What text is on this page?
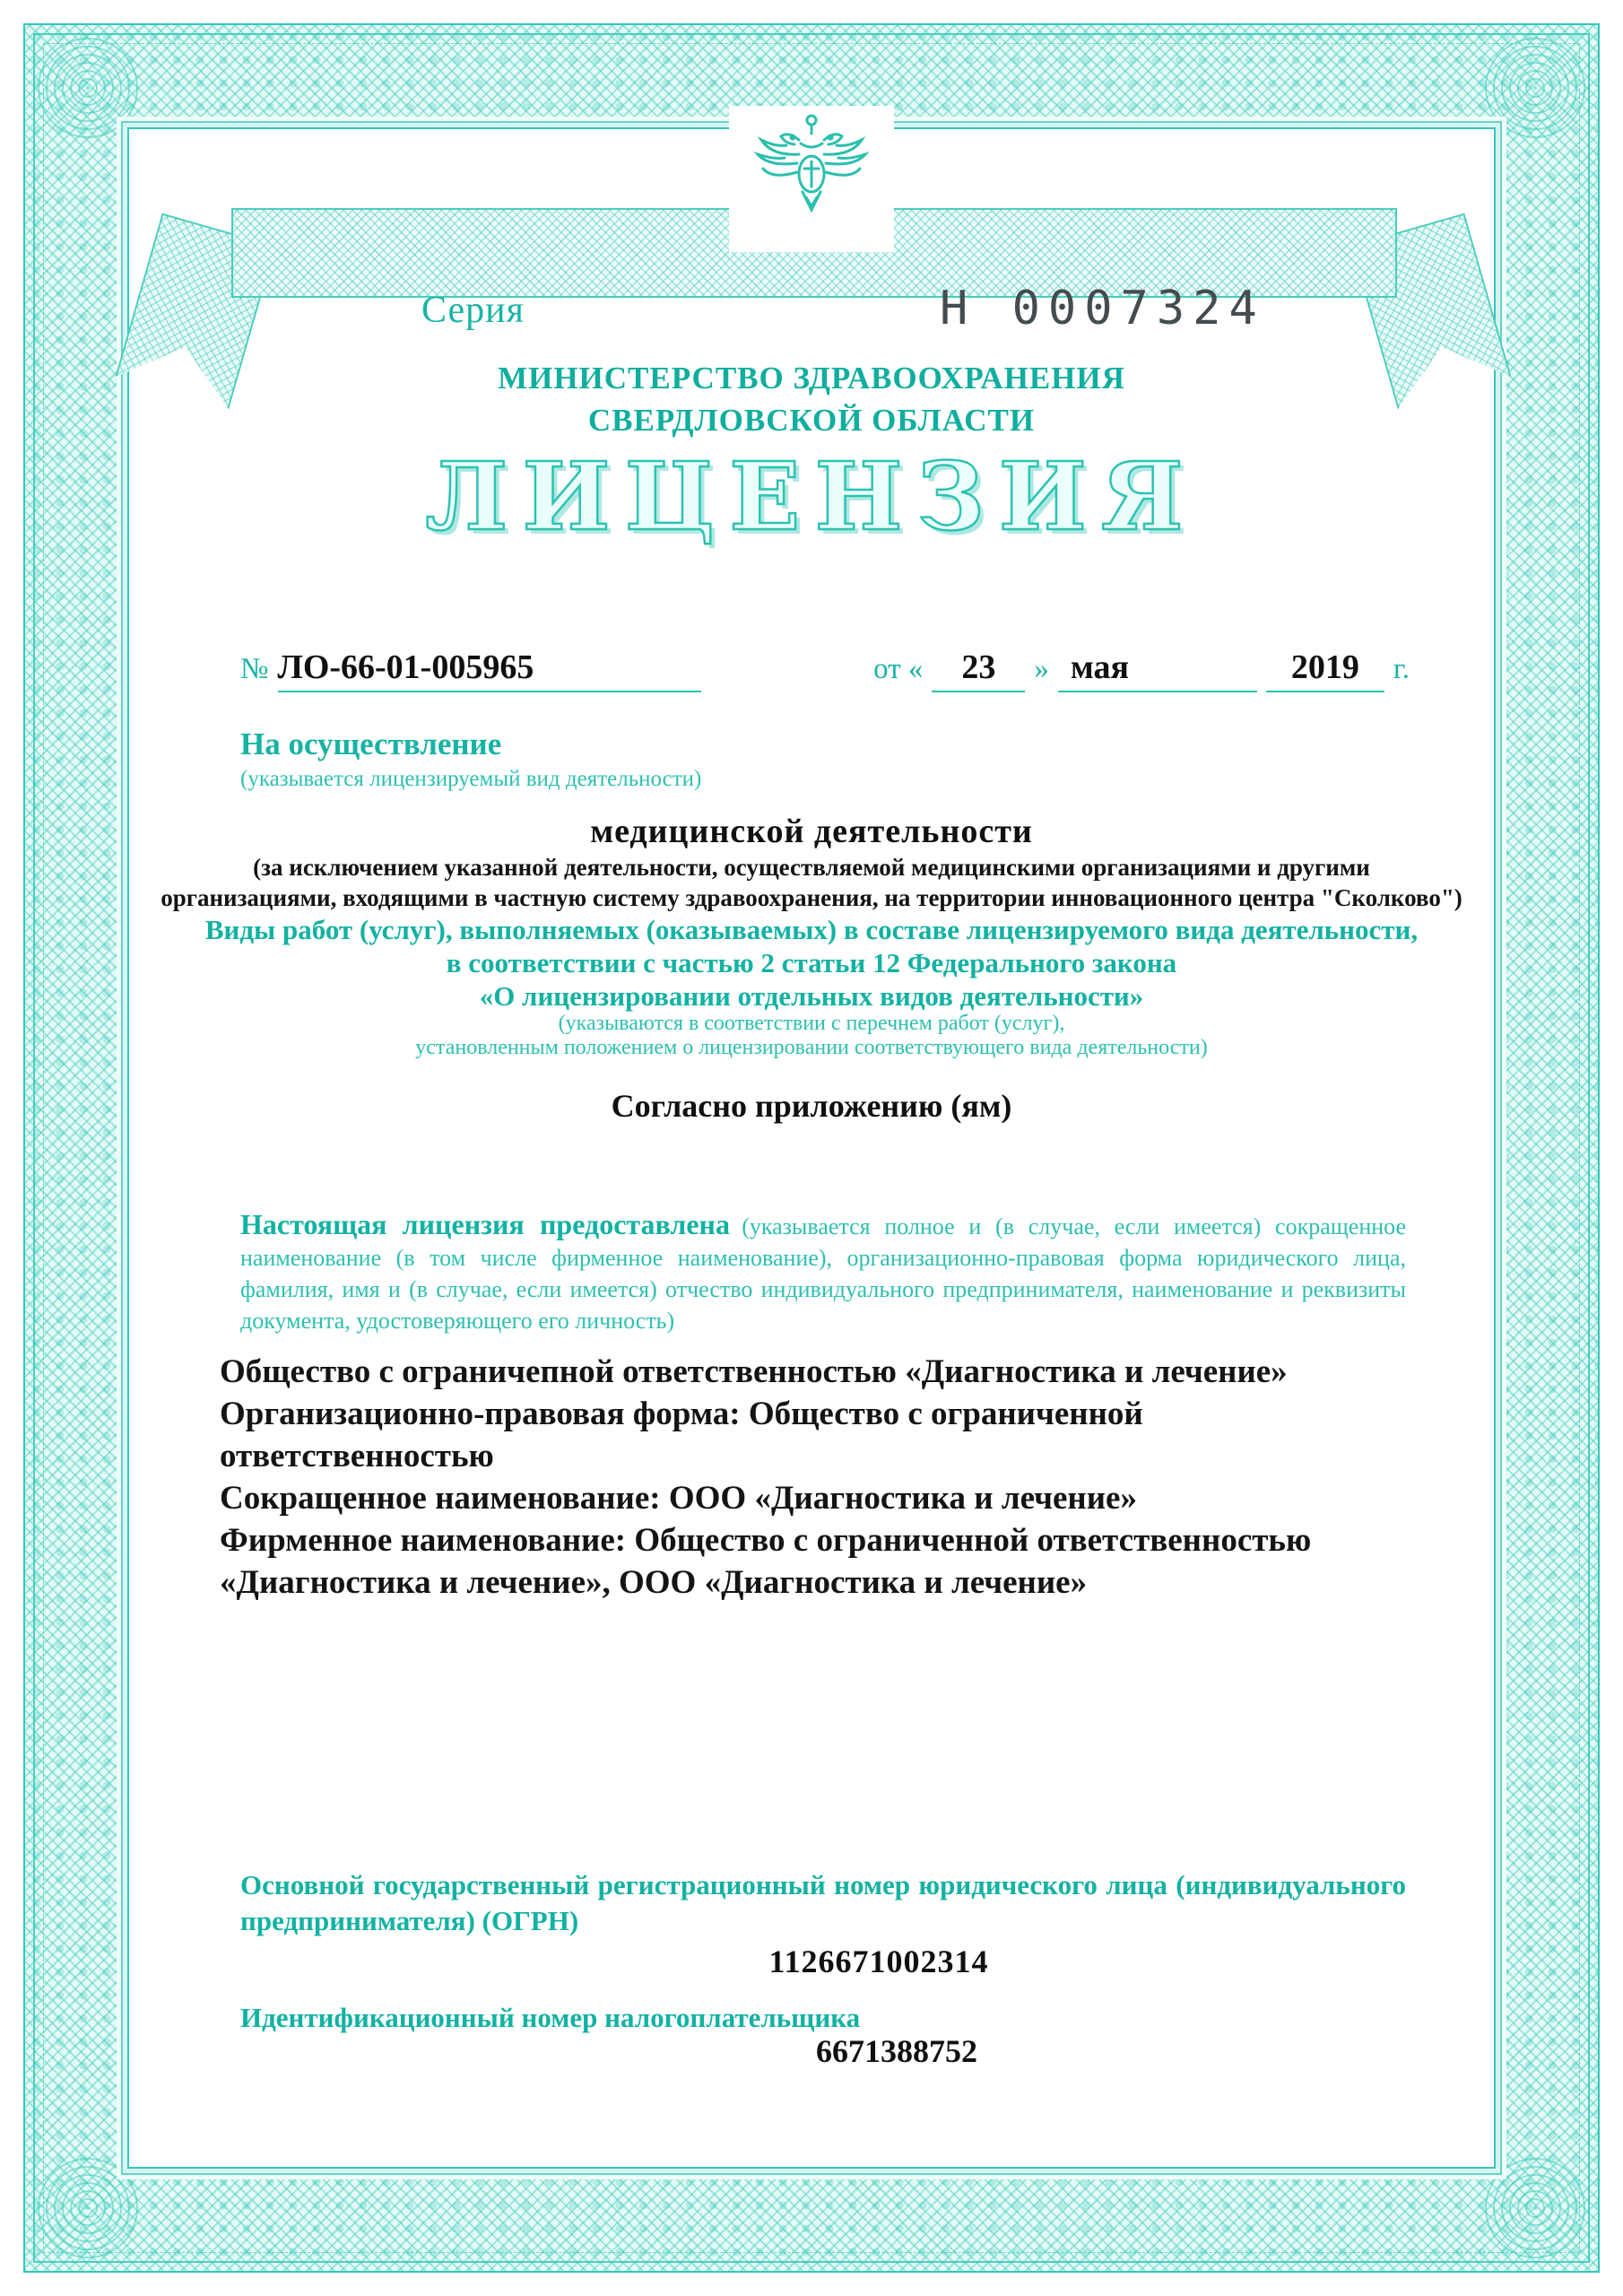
Серия	Н 0007324
МИНИСТЕРСТВО ЗДРАВООХРАНЕНИЯ
СВЕРДЛОВСКОЙ ОБЛАСТИ
ЛИЦЕНЗИЯ
№ ЛО-66-01-005965	от «	23	» мая	2019	г.
На осуществление
(указывается лицензируемый вид деятельности)
медицинской деятельности
(за исключением указанной деятельности, осуществляемой медицинскими организациями и другими
организациями, входящими в частную систему здравоохранения, на территории инновационного центра "Сколково")
Виды работ (услуг), выполняемых (оказываемых) в составе лицензируемого вида деятельности,
в соответствии с частью 2 статьи 12 Федерального закона
«О лицензировании отдельных видов деятельности»
(указываются в соответствии с перечнем работ (услуг),
установленным положением о лицензировании соответствующего вида деятельности)
Согласно приложению (ям)
Настоящая лицензия предоставлена (указывается полное и (в случае, если имеется) сокращенное наименование (в том числе фирменное наименование), организационно-правовая форма юридического лица, фамилия, имя и (в случае, если имеется) отчество индивидуального предпринимателя, наименование и реквизиты документа, удостоверяющего его личность)
Общество с ограничепной ответственностью «Диагностика и лечение»
Организационно-правовая форма: Общество с ограниченной ответственностью
Сокращенное наименование: ООО «Диагностика и лечение»
Фирменное наименование: Общество с ограниченной ответственностью «Диагностика и лечение», ООО «Диагностика и лечение»
Основной государственный регистрационный номер юридического лица (индивидуального предпринимателя) (ОГРН)
1126671002314
Идентификационный номер налогоплательщика
6671388752
